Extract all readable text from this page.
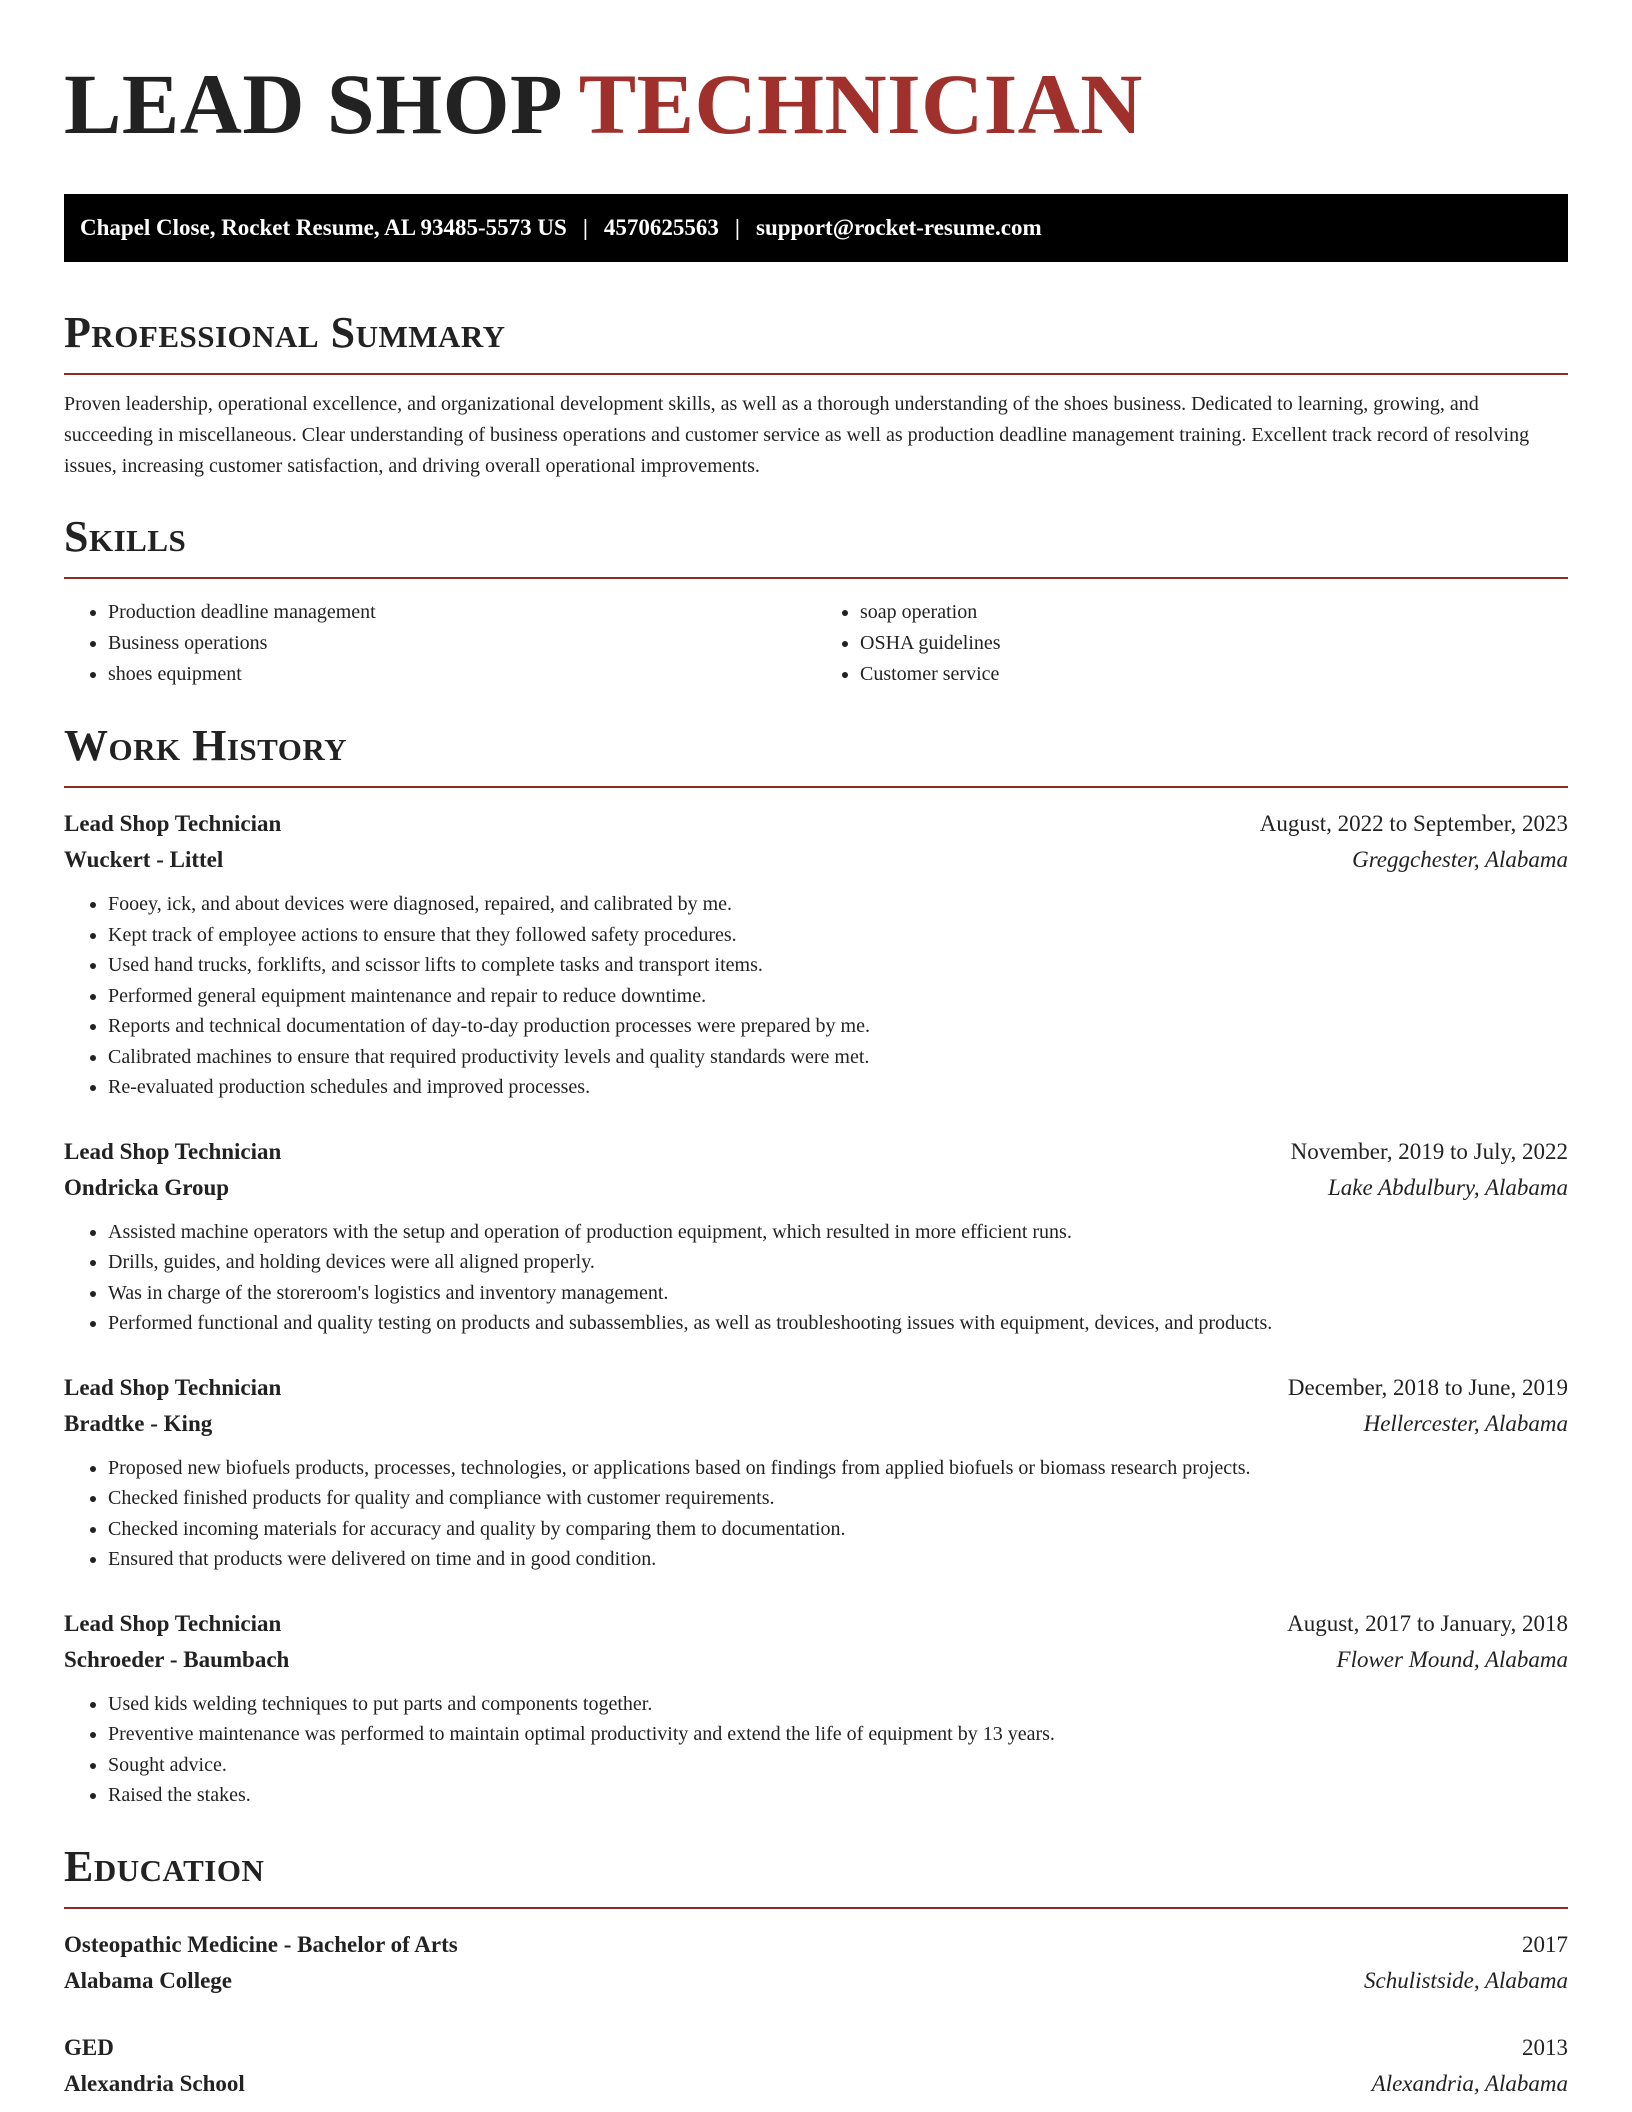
LEAD SHOP TECHNICIAN
Chapel Close, Rocket Resume, AL 93485-5573 US | 4570625563 | support@rocket-resume.com
Professional Summary

Proven leadership, operational excellence, and organizational development skills, as well as a thorough understanding of the shoes business. Dedicated to learning, growing, and succeeding in miscellaneous. Clear understanding of business operations and customer service as well as production deadline management training. Excellent track record of resolving issues, increasing customer satisfaction, and driving overall operational improvements.

Skills
• Production deadline management
• Business operations
• shoes equipment
• soap operation
• OSHA guidelines
• Customer service
Work History
Lead Shop Technician	August, 2022 to September, 2023
Wuckert - Littel	Greggchester, Alabama
• Fooey, ick, and about devices were diagnosed, repaired, and calibrated by me.
• Kept track of employee actions to ensure that they followed safety procedures.
• Used hand trucks, forklifts, and scissor lifts to complete tasks and transport items.
• Performed general equipment maintenance and repair to reduce downtime.
• Reports and technical documentation of day-to-day production processes were prepared by me.
• Calibrated machines to ensure that required productivity levels and quality standards were met.
• Re-evaluated production schedules and improved processes.
Lead Shop Technician	November, 2019 to July, 2022
Ondricka Group	Lake Abdulbury, Alabama
• Assisted machine operators with the setup and operation of production equipment, which resulted in more efficient runs.
• Drills, guides, and holding devices were all aligned properly.
• Was in charge of the storeroom's logistics and inventory management.
• Performed functional and quality testing on products and subassemblies, as well as troubleshooting issues with equipment, devices, and products.
Lead Shop Technician	December, 2018 to June, 2019
Bradtke - King	Hellercester, Alabama
• Proposed new biofuels products, processes, technologies, or applications based on findings from applied biofuels or biomass research projects.
• Checked finished products for quality and compliance with customer requirements.
• Checked incoming materials for accuracy and quality by comparing them to documentation.
• Ensured that products were delivered on time and in good condition.
Lead Shop Technician	August, 2017 to January, 2018
Schroeder - Baumbach	Flower Mound, Alabama
• Used kids welding techniques to put parts and components together.
• Preventive maintenance was performed to maintain optimal productivity and extend the life of equipment by 13 years.
• Sought advice.
• Raised the stakes.
Education
Osteopathic Medicine - Bachelor of Arts	2017
Alabama College	Schulistside, Alabama
GED	2013
Alexandria School	Alexandria, Alabama
